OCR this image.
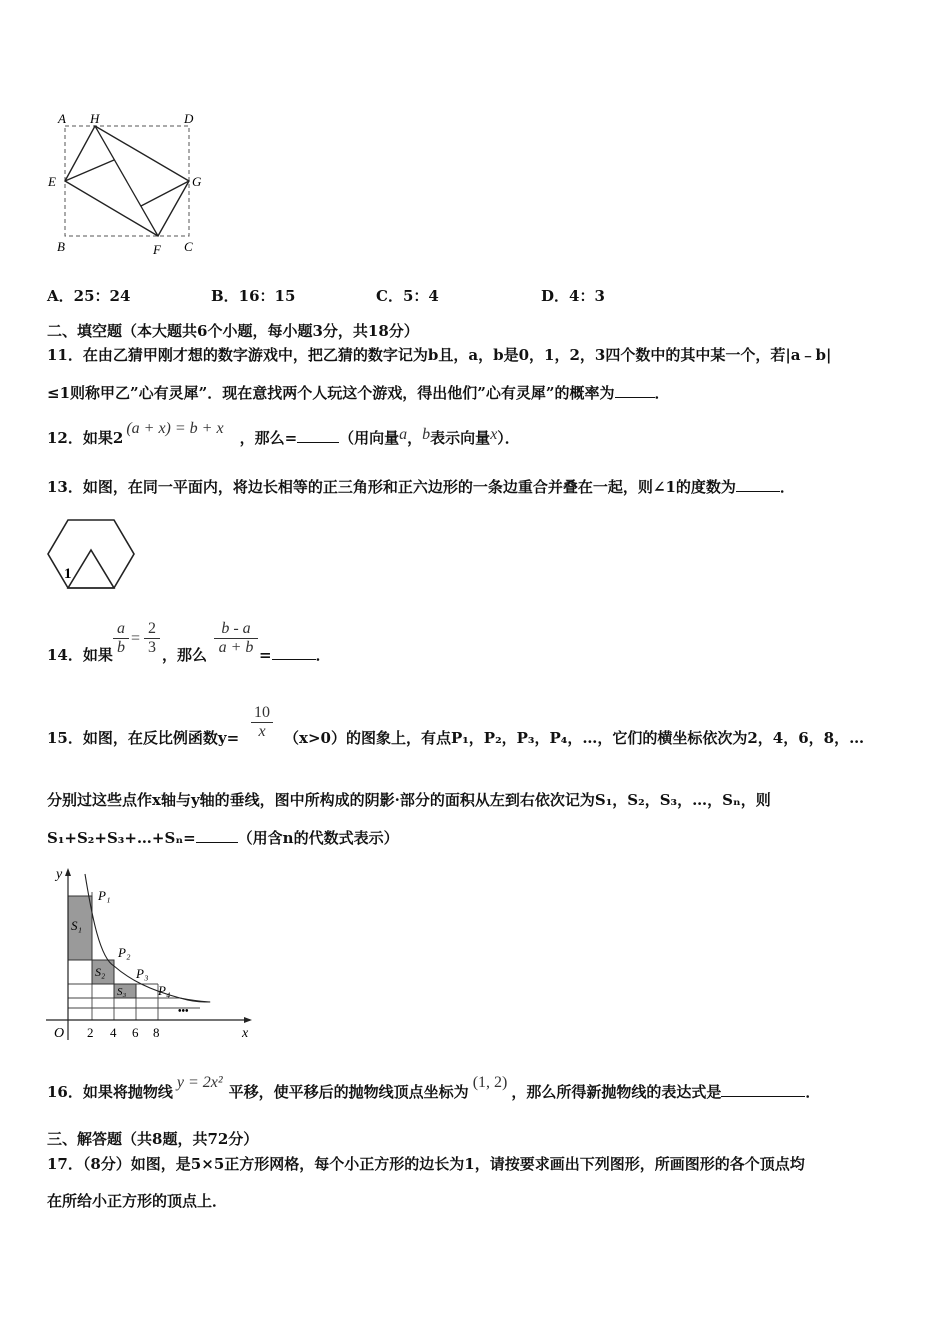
A H	D
E	G
B	F C
A．25：24	B．16：15	C．5：4	D．4：3
二、填空题（本大题共6个小题，每小题3分，共18分）
11．在由乙猜甲刚才想的数字游戏中，把乙猜的数字记为b且，a，b是0，1，2，3四个数中的其中某一个，若|a﹣b|
≤1则称甲乙”心有灵犀”．现在意找两个人玩这个游戏，得出他们”心有灵犀”的概率为	．
12．如果2(a + x) = b + x，那么=	（用向量a，b表示向量x）．
13．如图，在同一平面内，将边长相等的正三角形和正六边形的一条边重合并叠在一起，则∠1的度数为	．
1
14．如果 $\frac{a}{b} = \frac{2}{3}$ ，那么 $\frac{b - a}{a + b}$ =	．
15．如图，在反比例函数$y= \frac{10}{x} (x>0)$的图象上，有点P₁，P₂，P₃，P₄，…，它们的横坐标依次为2，4，6，8，…
分别过这些点作x轴与y轴的垂线，图中所构成的阴影·部分的面积从左到右依次记为S₁，S₂，S₃，…，Sₙ，则
S₁+S₂+S₃+…+Sₙ=	（用含n的代数式表示）
y
x
O 2 4 6 8
P₁
P₂
P₃
P₄
S₁
S₂
S₃
•••
16．如果将抛物线y = 2x²平移，使平移后的抛物线顶点坐标为(1, 2)，那么所得新抛物线的表达式是	．
三、解答题（共8题，共72分）
17．（8分）如图，是5×5正方形网格，每个小正方形的边长为1，请按要求画出下列图形，所画图形的各个顶点均
在所给小正方形的顶点上．
